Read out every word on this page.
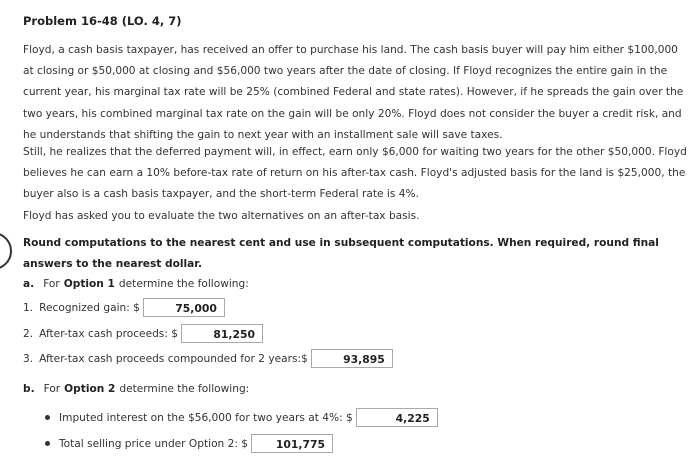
Problem 16-48 (LO. 4, 7)
Floyd, a cash basis taxpayer, has received an offer to purchase his land. The cash basis buyer will pay him either $100,000 at closing or $50,000 at closing and $56,000 two years after the date of closing. If Floyd recognizes the entire gain in the current year, his marginal tax rate will be 25% (combined Federal and state rates). However, if he spreads the gain over the two years, his combined marginal tax rate on the gain will be only 20%. Floyd does not consider the buyer a credit risk, and he understands that shifting the gain to next year with an installment sale will save taxes.
Still, he realizes that the deferred payment will, in effect, earn only $6,000 for waiting two years for the other $50,000. Floyd believes he can earn a 10% before-tax rate of return on his after-tax cash. Floyd's adjusted basis for the land is $25,000, the buyer also is a cash basis taxpayer, and the short-term Federal rate is 4%.
Floyd has asked you to evaluate the two alternatives on an after-tax basis.
Round computations to the nearest cent and use in subsequent computations. When required, round final answers to the nearest dollar.
a. For Option 1 determine the following:
1. Recognized gain: $	75,000
2. After-tax cash proceeds: $	81,250
3. After-tax cash proceeds compounded for 2 years:$	93,895
b. For Option 2 determine the following:
Imputed interest on the $56,000 for two years at 4%: $	4,225
Total selling price under Option 2: $	101,775
